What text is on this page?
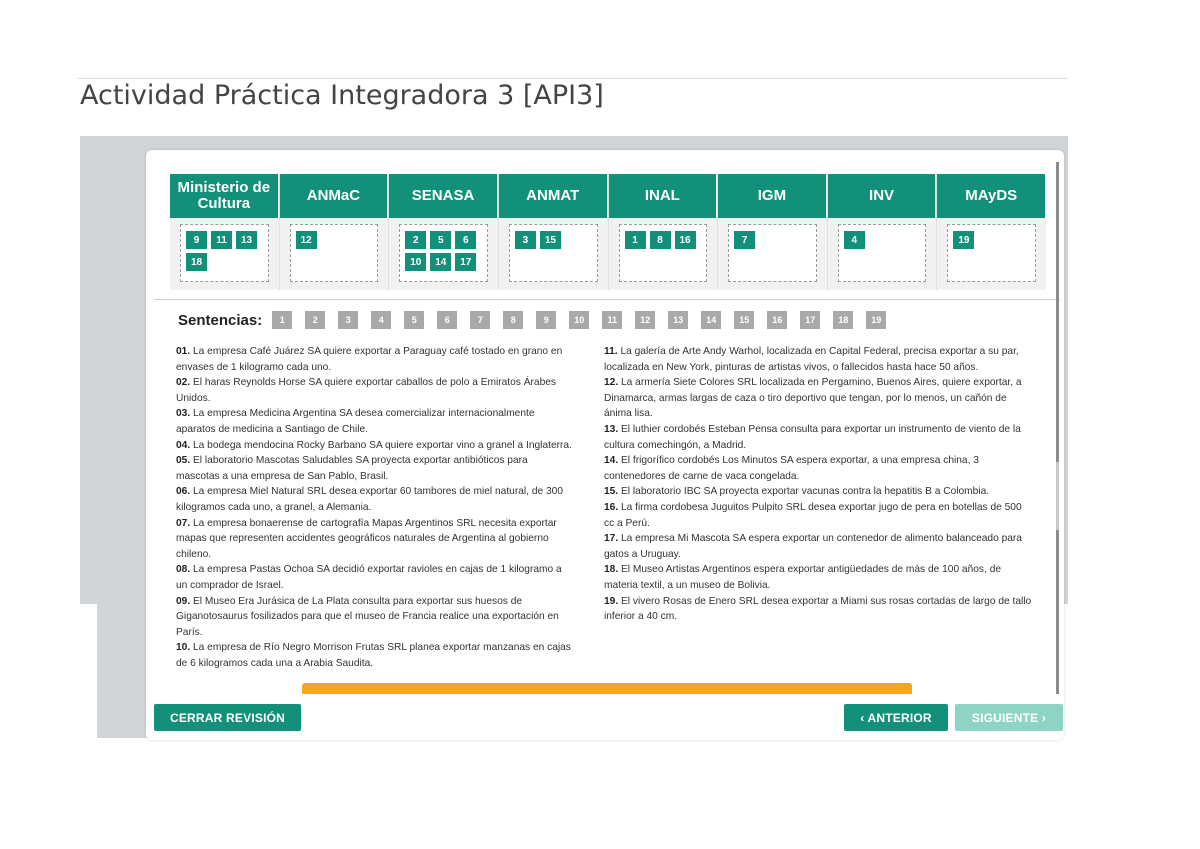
Actividad Práctica Integradora 3 [API3]
Ministerio de Cultura
9	11	13
18
ANMaC
12
SENASA
2	5	6
10	14	17
ANMAT
3	15
INAL
1	8	16
IGM
7
INV
4
MAyDS
19
Sentencias:	1	2	3	4	5	6	7	8	9	10	11	12	13	14	15	16	17	18	19

01. La empresa Café Juárez SA quiere exportar a Paraguay café tostado en grano en envases de 1 kilogramo cada uno.

02. El haras Reynolds Horse SA quiere exportar caballos de polo a Emiratos Árabes Unidos.

03. La empresa Medicina Argentina SA desea comercializar internacionalmente aparatos de medicina a Santiago de Chile.

04. La bodega mendocina Rocky Barbano SA quiere exportar vino a granel a Inglaterra.

05. El laboratorio Mascotas Saludables SA proyecta exportar antibióticos para mascotas a una empresa de San Pablo, Brasil.

06. La empresa Miel Natural SRL desea exportar 60 tambores de miel natural, de 300 kilogramos cada uno, a granel, a Alemania.

07. La empresa bonaerense de cartografía Mapas Argentinos SRL necesita exportar mapas que representen accidentes geográficos naturales de Argentina al gobierno chileno.

08. La empresa Pastas Ochoa SA decidió exportar ravioles en cajas de 1 kilogramo a un comprador de Israel.

09. El Museo Era Jurásica de La Plata consulta para exportar sus huesos de Giganotosaurus fosilizados para que el museo de Francia realice una exportación en París.

10. La empresa de Río Negro Morrison Frutas SRL planea exportar manzanas en cajas de 6 kilogramos cada una a Arabia Saudita.

11. La galería de Arte Andy Warhol, localizada en Capital Federal, precisa exportar a su par, localizada en New York, pinturas de artistas vivos, o fallecidos hasta hace 50 años.

12. La armería Siete Colores SRL localizada en Pergamino, Buenos Aires, quiere exportar, a Dinamarca, armas largas de caza o tiro deportivo que tengan, por lo menos, un cañón de ánima lisa.

13. El luthier cordobés Esteban Pensa consulta para exportar un instrumento de viento de la cultura comechingón, a Madrid.

14. El frigorífico cordobés Los Minutos SA espera exportar, a una empresa china, 3 contenedores de carne de vaca congelada.

15. El laboratorio IBC SA proyecta exportar vacunas contra la hepatitis B a Colombia.

16. La firma cordobesa Juguitos Pulpito SRL desea exportar jugo de pera en botellas de 500 cc a Perú.

17. La empresa Mi Mascota SA espera exportar un contenedor de alimento balanceado para gatos a Uruguay.

18. El Museo Artistas Argentinos espera exportar antigüedades de más de 100 años, de materia textil, a un museo de Bolivia.

19. El vivero Rosas de Enero SRL desea exportar a Miami sus rosas cortadas de largo de tallo inferior a 40 cm.

CERRAR REVISIÓN	‹ ANTERIOR	SIGUIENTE ›
